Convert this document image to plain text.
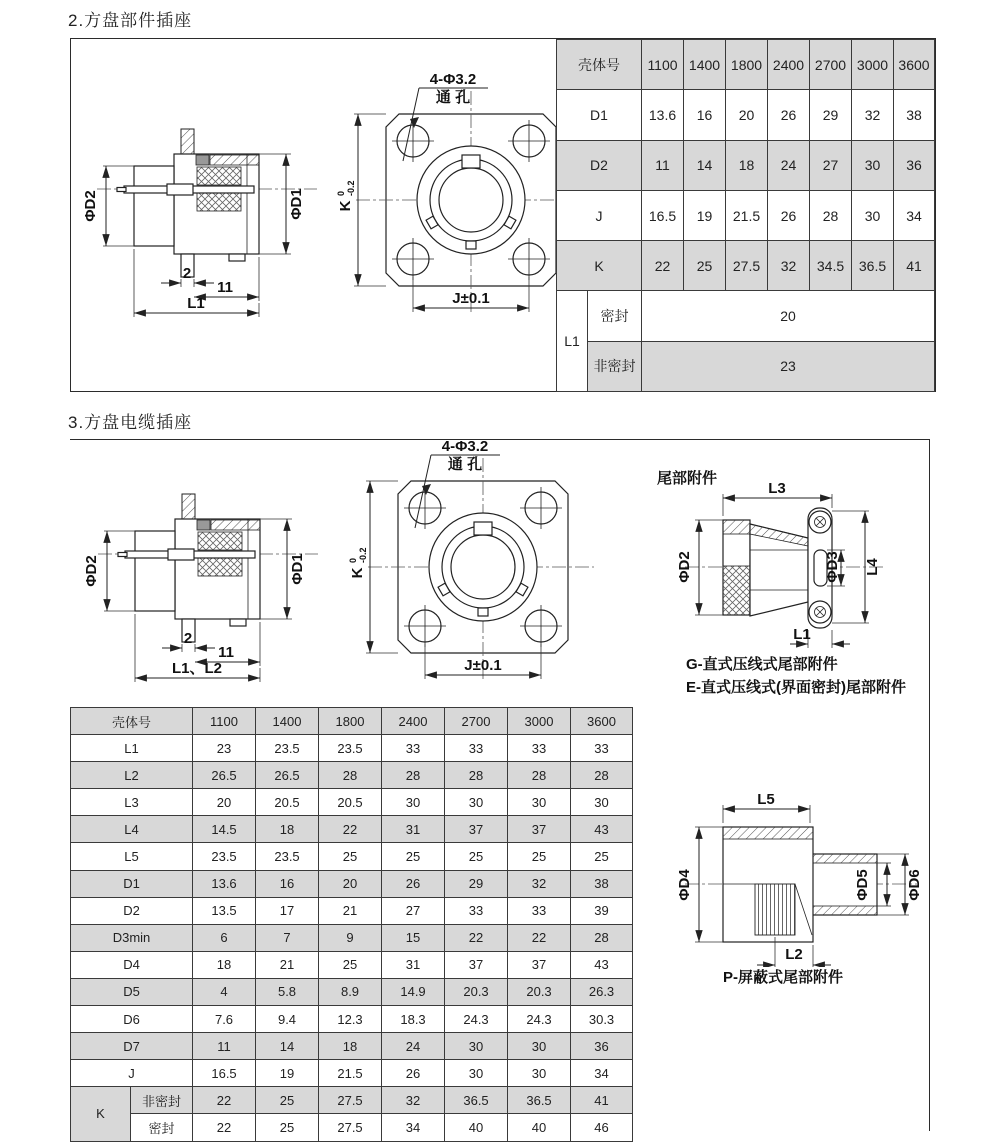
2.方盘部件插座
ΦD2	ΦD1
2
11
L1
K
0 -0.2
J±0.1
4-Φ3.2
通 孔
壳体号		1100	1400	1800	2400	2700	3000	3600
D1		13.6	16	20	26	29	32	38
D2		11	14	18	24	27	30	36
J		16.5	19	21.5	26	28	30	34
K		22	25	27.5	32	34.5	36.5	41
L1	密封	20						
	非密封	23						
3.方盘电缆插座
ΦD2	ΦD1
2
11
L1、L2
K
0 -0.2
J±0.1
4-Φ3.2
通 孔
尾部附件
L3
ΦD2	ΦD3 L4
L1
G-直式压线式尾部附件
E-直式压线式(界面密封)尾部附件
L5
ΦD4	ΦD5 ΦD6
L2
P-屏蔽式尾部附件
壳体号		1100	1400	1800	2400	2700	3000	3600
L1		23	23.5	23.5	33	33	33	33
L2		26.5	26.5	28	28	28	28	28
L3		20	20.5	20.5	30	30	30	30
L4		14.5	18	22	31	37	37	43
L5		23.5	23.5	25	25	25	25	25
D1		13.6	16	20	26	29	32	38
D2		13.5	17	21	27	33	33	39
D3min		6	7	9	15	22	22	28
D4		18	21	25	31	37	37	43
D5		4	5.8	8.9	14.9	20.3	20.3	26.3
D6		7.6	9.4	12.3	18.3	24.3	24.3	30.3
D7		11	14	18	24	30	30	36
J		16.5	19	21.5	26	30	30	34
K	非密封	22	25	27.5	32	36.5	36.5	41
	密封	22	25	27.5	34	40	40	46
